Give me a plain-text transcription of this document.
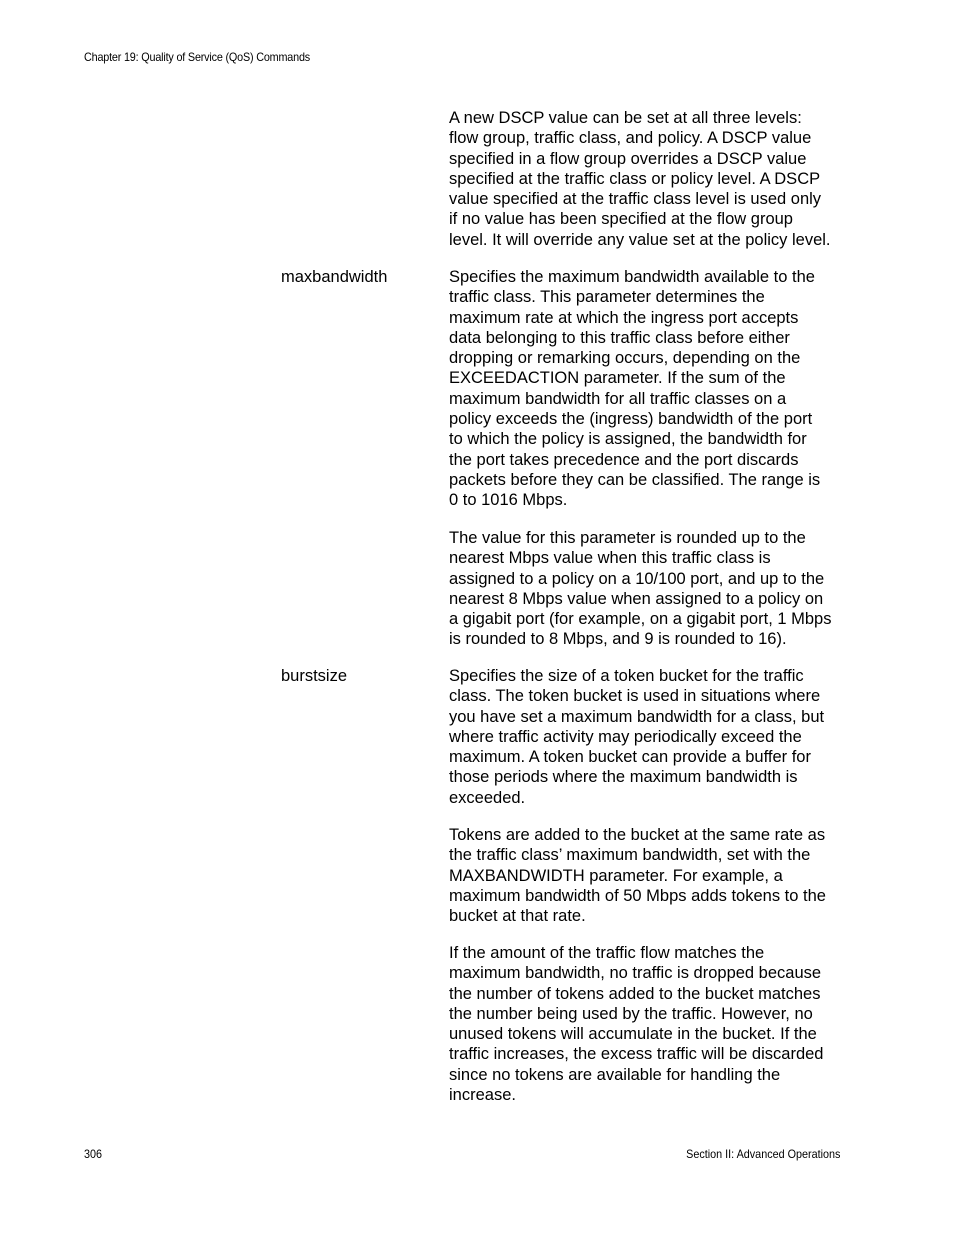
Chapter 19: Quality of Service (QoS) Commands
A new DSCP value can be set at all three levels:
flow group, traffic class, and policy. A DSCP value
specified in a flow group overrides a DSCP value
specified at the traffic class or policy level. A DSCP
value specified at the traffic class level is used only
if no value has been specified at the flow group
level. It will override any value set at the policy level.
maxbandwidth	Specifies the maximum bandwidth available to the
traffic class. This parameter determines the
maximum rate at which the ingress port accepts
data belonging to this traffic class before either
dropping or remarking occurs, depending on the
EXCEEDACTION parameter. If the sum of the
maximum bandwidth for all traffic classes on a
policy exceeds the (ingress) bandwidth of the port
to which the policy is assigned, the bandwidth for
the port takes precedence and the port discards
packets before they can be classified. The range is
0 to 1016 Mbps.
The value for this parameter is rounded up to the
nearest Mbps value when this traffic class is
assigned to a policy on a 10/100 port, and up to the
nearest 8 Mbps value when assigned to a policy on
a gigabit port (for example, on a gigabit port, 1 Mbps
is rounded to 8 Mbps, and 9 is rounded to 16).
burstsize	Specifies the size of a token bucket for the traffic
class. The token bucket is used in situations where
you have set a maximum bandwidth for a class, but
where traffic activity may periodically exceed the
maximum. A token bucket can provide a buffer for
those periods where the maximum bandwidth is
exceeded.
Tokens are added to the bucket at the same rate as
the traffic class’ maximum bandwidth, set with the
MAXBANDWIDTH parameter. For example, a
maximum bandwidth of 50 Mbps adds tokens to the
bucket at that rate.
If the amount of the traffic flow matches the
maximum bandwidth, no traffic is dropped because
the number of tokens added to the bucket matches
the number being used by the traffic. However, no
unused tokens will accumulate in the bucket. If the
traffic increases, the excess traffic will be discarded
since no tokens are available for handling the
increase.
306	Section II: Advanced Operations
